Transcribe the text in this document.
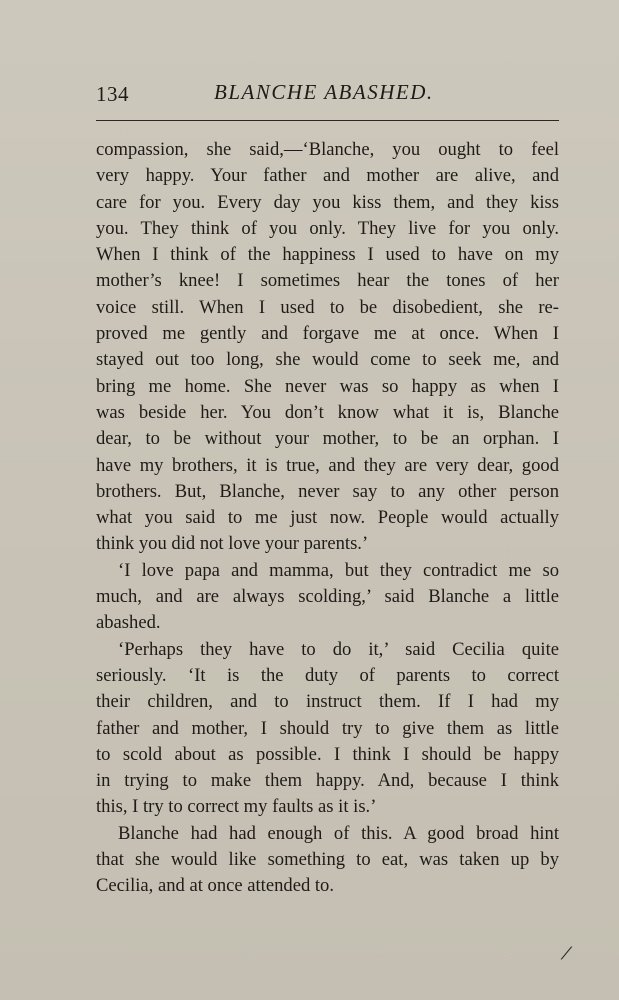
134	BLANCHE ABASHED.
compassion, she said,—‘Blanche, you ought to feel
very happy. Your father and mother are alive, and
care for you. Every day you kiss them, and they kiss
you. They think of you only. They live for you only.
When I think of the happiness I used to have on my
mother’s knee! I sometimes hear the tones of her
voice still. When I used to be disobedient, she re-
proved me gently and forgave me at once. When I
stayed out too long, she would come to seek me, and
bring me home. She never was so happy as when I
was beside her. You don’t know what it is, Blanche
dear, to be without your mother, to be an orphan. I
have my brothers, it is true, and they are very dear, good
brothers. But, Blanche, never say to any other person
what you said to me just now. People would actually
think you did not love your parents.’
‘I love papa and mamma, but they contradict me so
much, and are always scolding,’ said Blanche a little
abashed.
‘Perhaps they have to do it,’ said Cecilia quite
seriously. ‘It is the duty of parents to correct
their children, and to instruct them. If I had my
father and mother, I should try to give them as little
to scold about as possible. I think I should be happy
in trying to make them happy. And, because I think
this, I try to correct my faults as it is.’
Blanche had had enough of this. A good broad hint
that she would like something to eat, was taken up by
Cecilia, and at once attended to.
/
